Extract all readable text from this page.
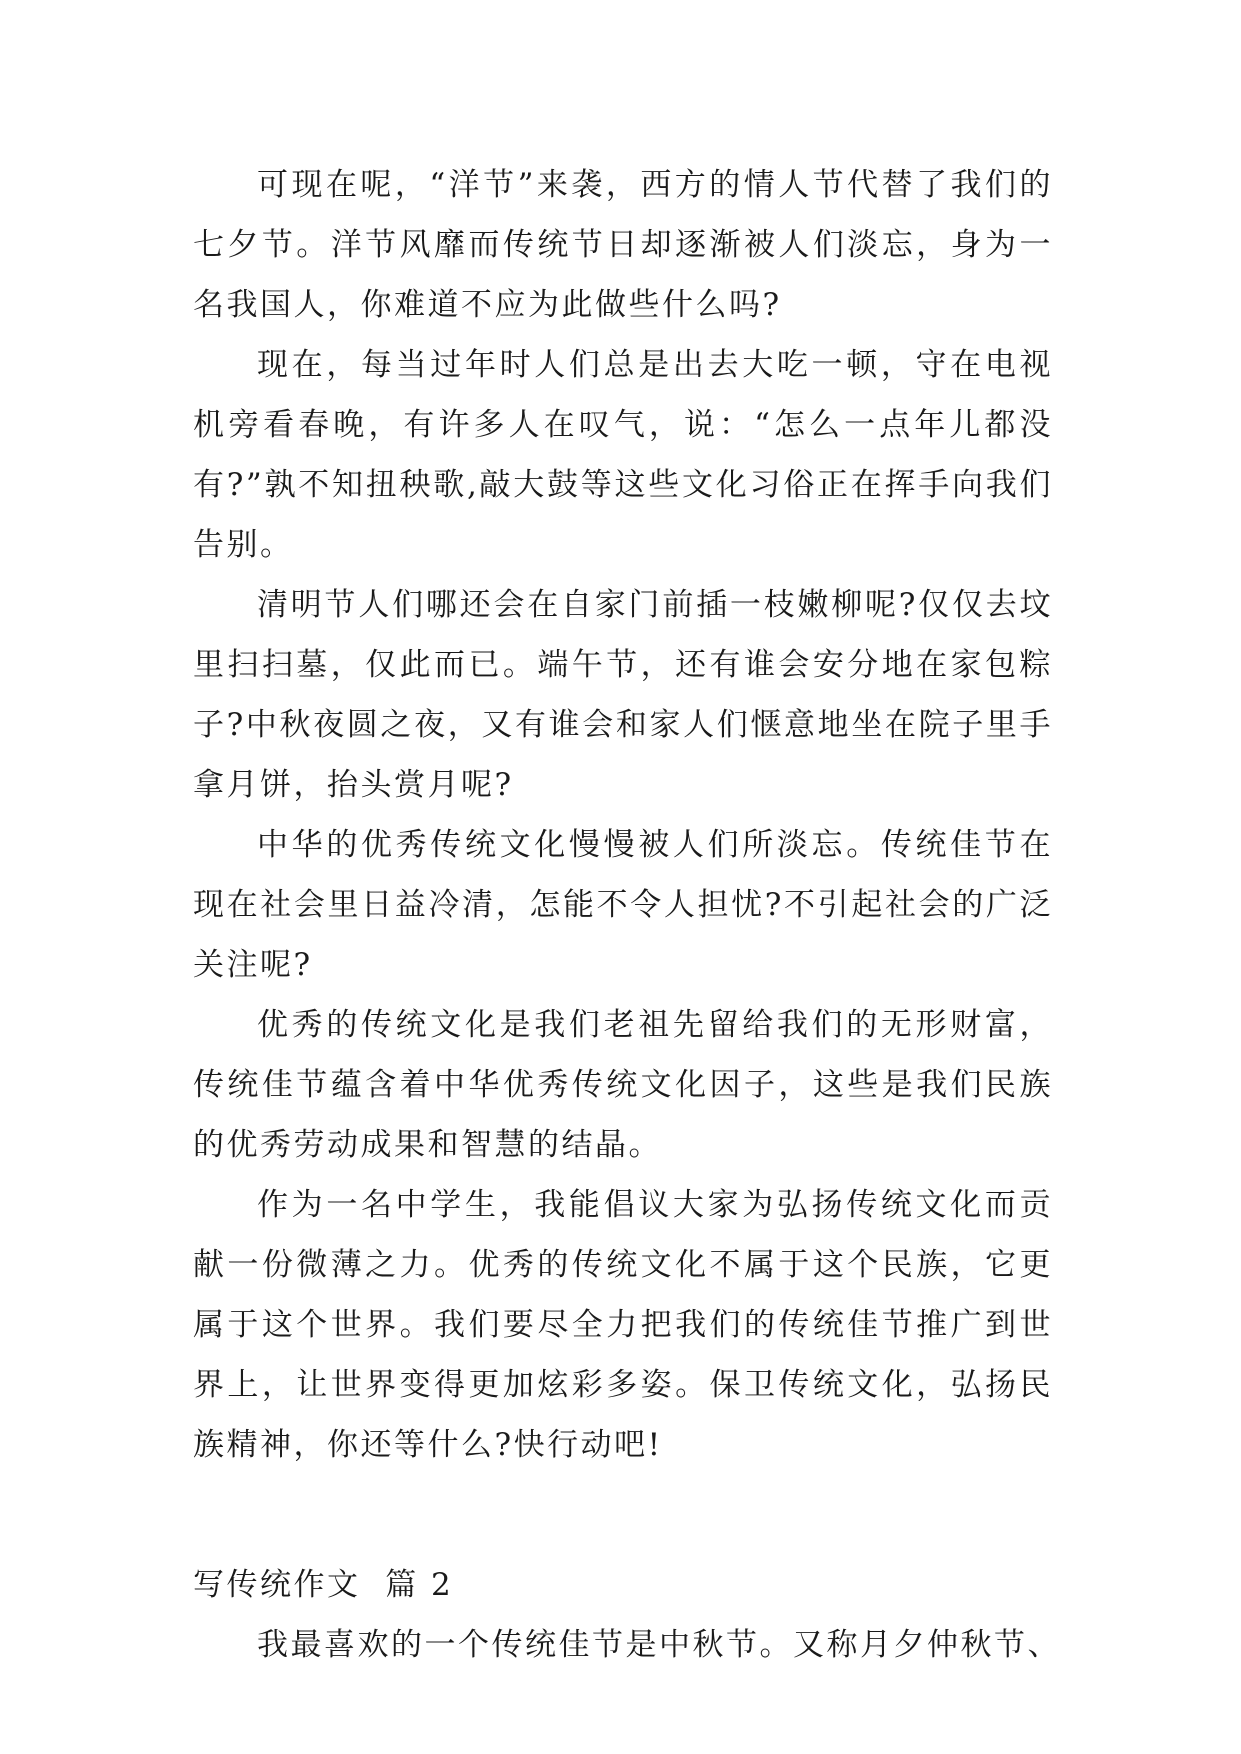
可现在呢，“洋节”来袭，西方的情人节代替了我们的七夕节。洋节风靡而传统节日却逐渐被人们淡忘，身为一名我国人，你难道不应为此做些什么吗?

现在，每当过年时人们总是出去大吃一顿，守在电视机旁看春晚，有许多人在叹气，说：“怎么一点年儿都没有?”孰不知扭秧歌,敲大鼓等这些文化习俗正在挥手向我们告别。

清明节人们哪还会在自家门前插一枝嫩柳呢?仅仅去坟里扫扫墓，仅此而已。端午节，还有谁会安分地在家包粽子?中秋夜圆之夜，又有谁会和家人们惬意地坐在院子里手拿月饼，抬头赏月呢?

中华的优秀传统文化慢慢被人们所淡忘。传统佳节在现在社会里日益冷清，怎能不令人担忧?不引起社会的广泛关注呢?

优秀的传统文化是我们老祖先留给我们的无形财富，传统佳节蕴含着中华优秀传统文化因子，这些是我们民族的优秀劳动成果和智慧的结晶。

作为一名中学生，我能倡议大家为弘扬传统文化而贡献一份微薄之力。优秀的传统文化不属于这个民族，它更属于这个世界。我们要尽全力把我们的传统佳节推广到世界上，让世界变得更加炫彩多姿。保卫传统文化，弘扬民族精神，你还等什么?快行动吧!

写传统作文  篇 2

我最喜欢的一个传统佳节是中秋节。又称月夕仲秋节、
